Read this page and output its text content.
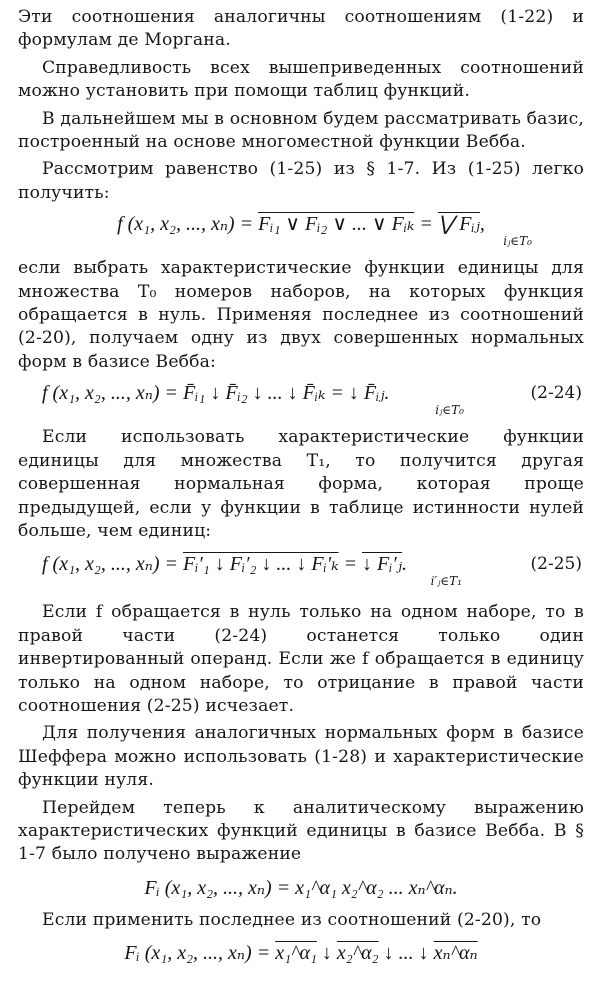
Эти соотношения аналогичны соотношениям (1-22) и формулам де Моргана.

Справедливость всех вышеприведенных соотношений можно установить при помощи таблиц функций.

В дальнейшем мы в основном будем рассматривать базис, построенный на основе многоместной функции Вебба.

Рассмотрим равенство (1-25) из § 1-7. Из (1-25) легко получить:

f (x₁, x₂, ..., xₙ) = Fᵢ₁ ∨ Fᵢ₂ ∨ ... ∨ Fᵢₖ = ⋁ Fᵢⱼ,
iⱼ∈T₀

если выбрать характеристические функции единицы для множества T₀ номеров наборов, на которых функция обращается в нуль. Применяя последнее из соотношений (2-20), получаем одну из двух совершенных нормальных форм в базисе Вебба:

f (x₁, x₂, ..., xₙ) = F̄ᵢ₁ ↓ F̄ᵢ₂ ↓ ... ↓ F̄ᵢₖ = ↓ F̄ᵢⱼ.	(2-24)
iⱼ∈T₀

Если использовать характеристические функции единицы для множества T₁, то получится другая совершенная нормальная форма, которая проще предыдущей, если у функции в таблице истинности нулей больше, чем единиц:

f (x₁, x₂, ..., xₙ) = Fᵢ′₁ ↓ Fᵢ′₂ ↓ ... ↓ Fᵢ′ₖ = ↓ Fᵢ′ⱼ.	(2-25)
i′ⱼ∈T₁

Если f обращается в нуль только на одном наборе, то в правой части (2-24) останется только один инвертированный операнд. Если же f обращается в единицу только на одном наборе, то отрицание в правой части соотношения (2-25) исчезает.

Для получения аналогичных нормальных форм в базисе Шеффера можно использовать (1-28) и характеристические функции нуля.

Перейдем теперь к аналитическому выражению характеристических функций единицы в базисе Вебба. В § 1-7 было получено выражение

Fᵢ (x₁, x₂, ..., xₙ) = x₁^α₁ x₂^α₂ ... xₙ^αₙ.

Если применить последнее из соотношений (2-20), то

Fᵢ (x₁, x₂, ..., xₙ) = x₁^α₁ ↓ x₂^α₂ ↓ ... ↓ xₙ^αₙ
